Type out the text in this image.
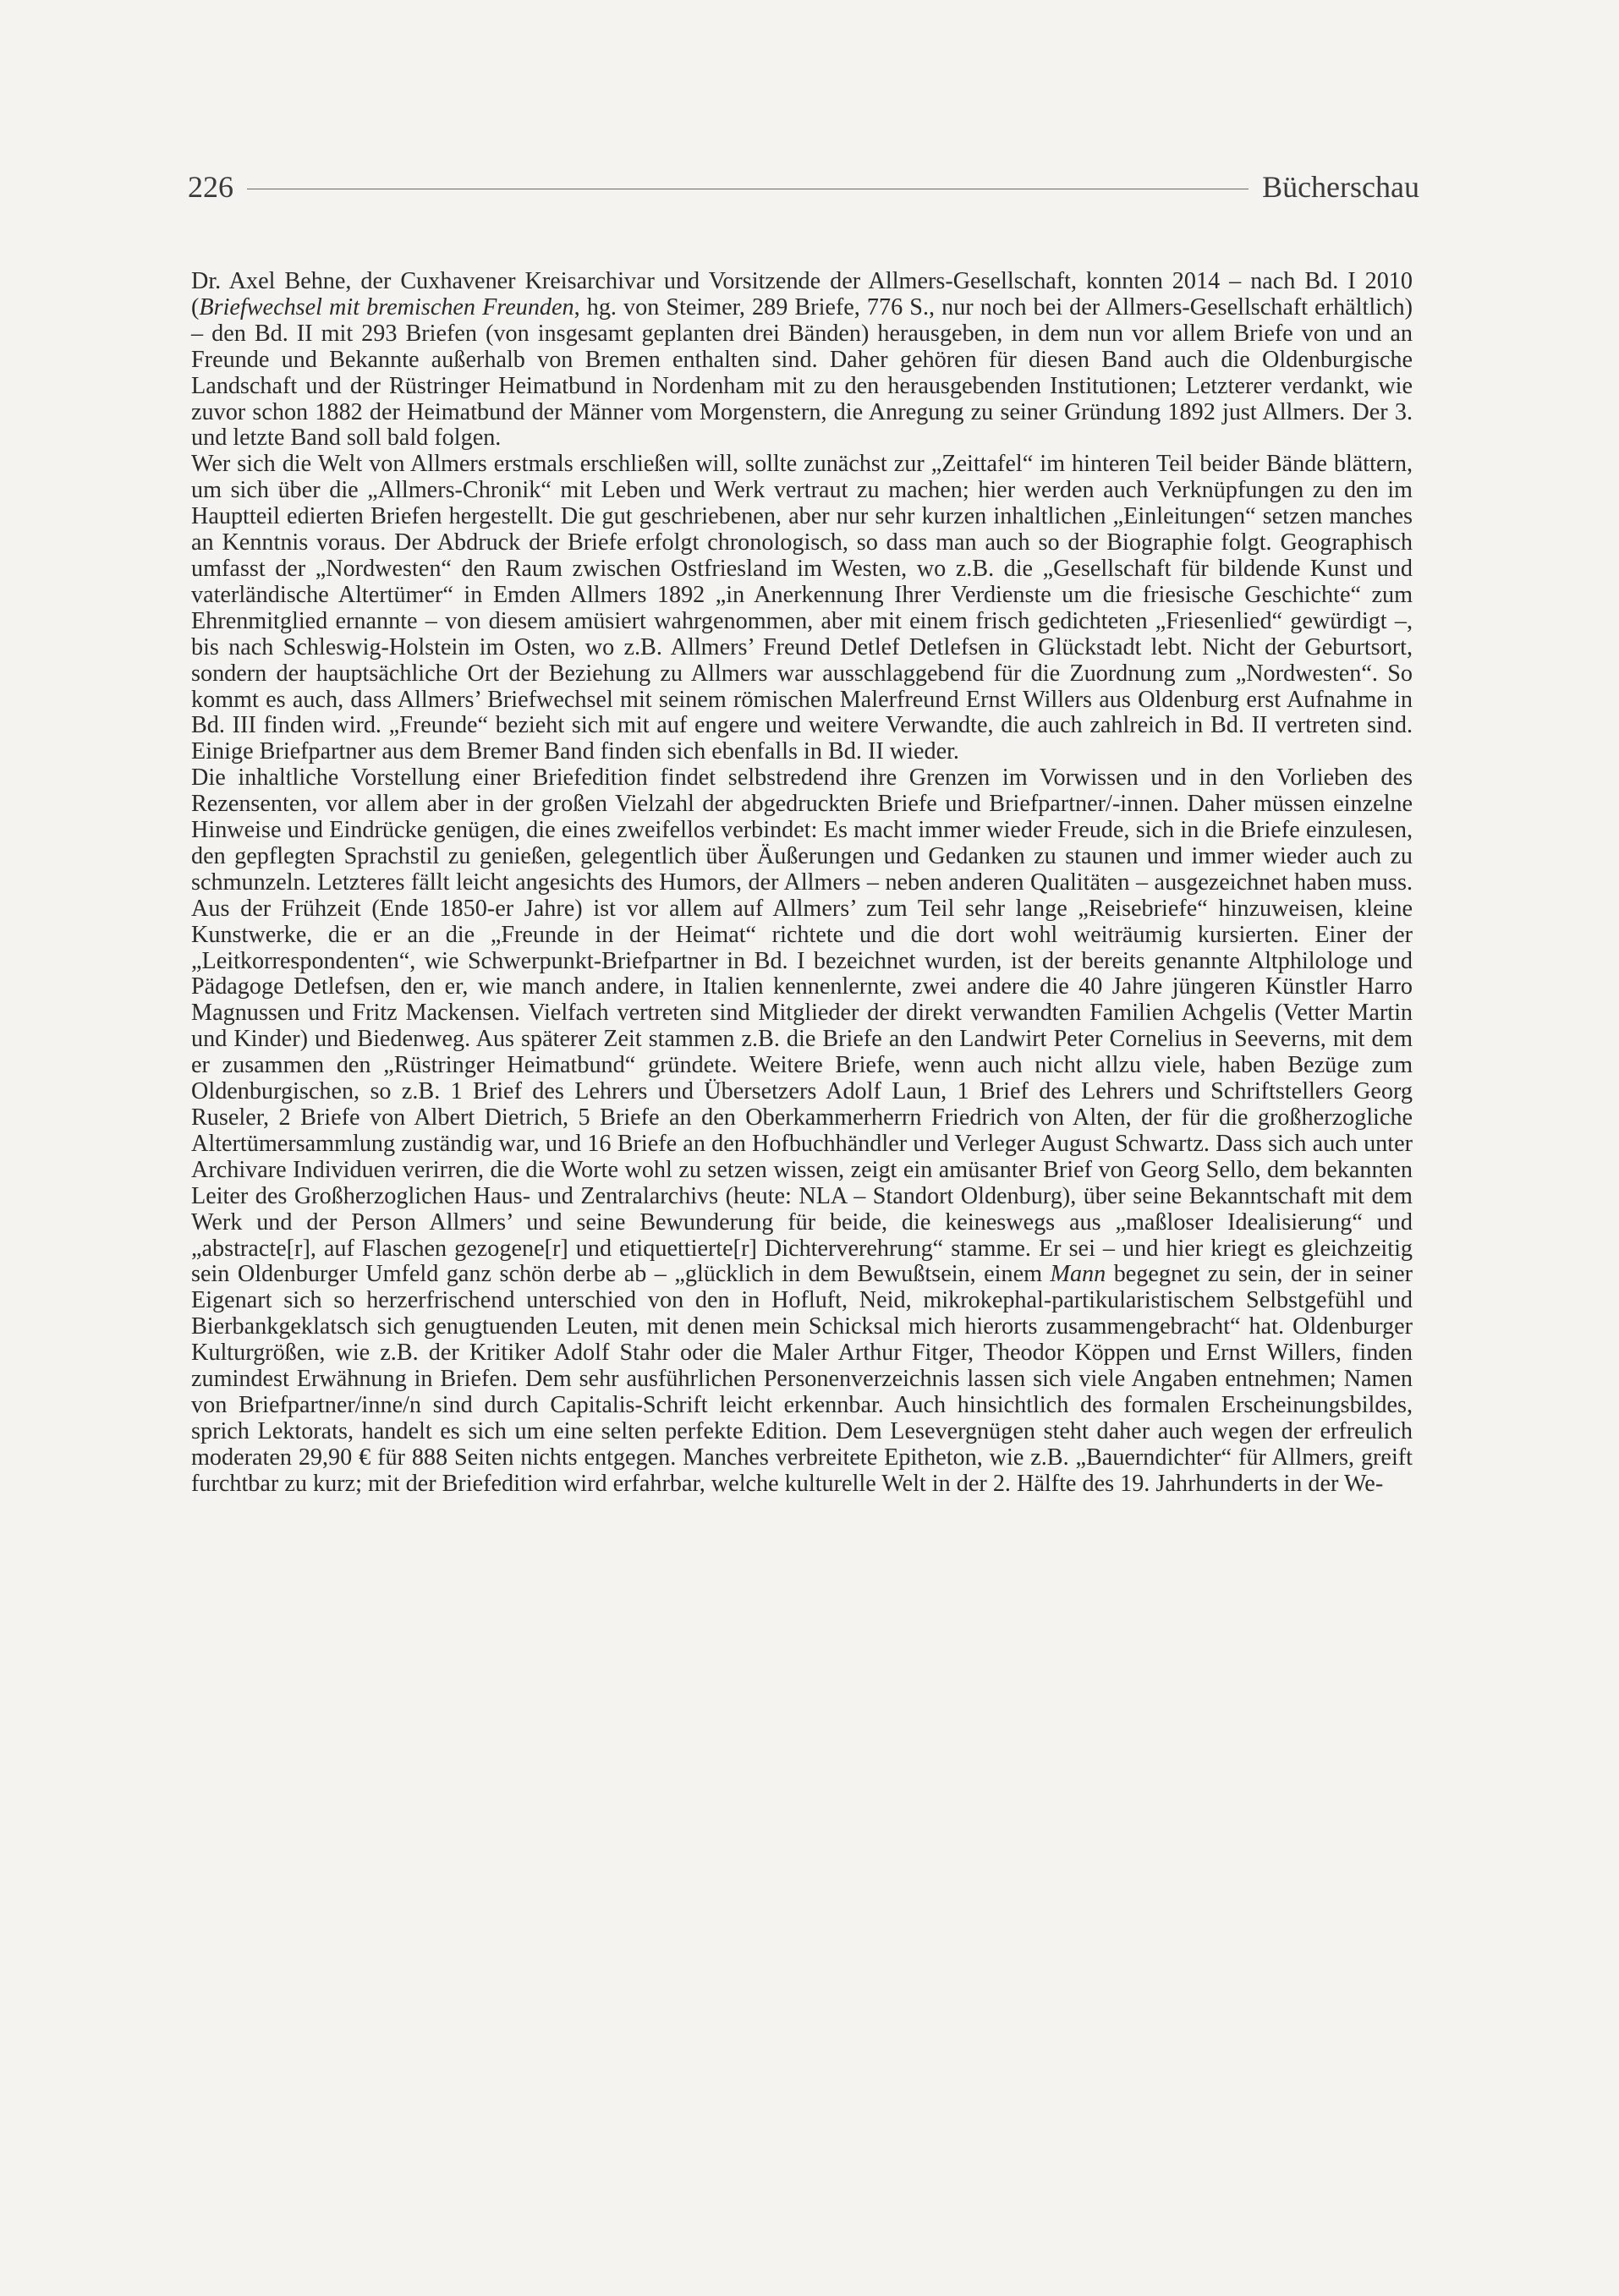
226	Bücherschau

Dr. Axel Behne, der Cuxhavener Kreisarchivar und Vorsitzende der Allmers-Gesellschaft, konnten 2014 – nach Bd. I 2010 (Briefwechsel mit bremischen Freunden, hg. von Steimer, 289 Briefe, 776 S., nur noch bei der Allmers-Gesellschaft erhältlich) – den Bd. II mit 293 Briefen (von insgesamt geplanten drei Bänden) herausgeben, in dem nun vor allem Briefe von und an Freunde und Bekannte außerhalb von Bremen enthalten sind. Daher gehören für diesen Band auch die Oldenburgische Landschaft und der Rüstringer Heimatbund in Nordenham mit zu den herausgebenden Institutionen; Letzterer verdankt, wie zuvor schon 1882 der Heimatbund der Männer vom Morgenstern, die Anregung zu seiner Gründung 1892 just Allmers. Der 3. und letzte Band soll bald folgen.

Wer sich die Welt von Allmers erstmals erschließen will, sollte zunächst zur „Zeittafel“ im hinteren Teil beider Bände blättern, um sich über die „Allmers-Chronik“ mit Leben und Werk vertraut zu machen; hier werden auch Verknüpfungen zu den im Hauptteil edierten Briefen hergestellt. Die gut geschriebenen, aber nur sehr kurzen inhaltlichen „Einleitungen“ setzen manches an Kenntnis voraus. Der Abdruck der Briefe erfolgt chronologisch, so dass man auch so der Biographie folgt. Geographisch umfasst der „Nordwesten“ den Raum zwischen Ostfriesland im Westen, wo z.B. die „Gesellschaft für bildende Kunst und vaterländische Altertümer“ in Emden Allmers 1892 „in Anerkennung Ihrer Verdienste um die friesische Geschichte“ zum Ehrenmitglied ernannte – von diesem amüsiert wahrgenommen, aber mit einem frisch gedichteten „Friesenlied“ gewürdigt –, bis nach Schleswig-Holstein im Osten, wo z.B. Allmers’ Freund Detlef Detlefsen in Glückstadt lebt. Nicht der Geburtsort, sondern der hauptsächliche Ort der Beziehung zu Allmers war ausschlaggebend für die Zuordnung zum „Nordwesten“. So kommt es auch, dass Allmers’ Briefwechsel mit seinem römischen Malerfreund Ernst Willers aus Oldenburg erst Aufnahme in Bd. III finden wird. „Freunde“ bezieht sich mit auf engere und weitere Verwandte, die auch zahlreich in Bd. II vertreten sind. Einige Briefpartner aus dem Bremer Band finden sich ebenfalls in Bd. II wieder.

Die inhaltliche Vorstellung einer Briefedition findet selbstredend ihre Grenzen im Vorwissen und in den Vorlieben des Rezensenten, vor allem aber in der großen Vielzahl der abgedruckten Briefe und Briefpartner/-innen. Daher müssen einzelne Hinweise und Eindrücke genügen, die eines zweifellos verbindet: Es macht immer wieder Freude, sich in die Briefe einzulesen, den gepflegten Sprachstil zu genießen, gelegentlich über Äußerungen und Gedanken zu staunen und immer wieder auch zu schmunzeln. Letzteres fällt leicht angesichts des Humors, der Allmers – neben anderen Qualitäten – ausgezeichnet haben muss. Aus der Frühzeit (Ende 1850-er Jahre) ist vor allem auf Allmers’ zum Teil sehr lange „Reisebriefe“ hinzuweisen, kleine Kunstwerke, die er an die „Freunde in der Heimat“ richtete und die dort wohl weiträumig kursierten. Einer der „Leitkorrespondenten“, wie Schwerpunkt-Briefpartner in Bd. I bezeichnet wurden, ist der bereits genannte Altphilologe und Pädagoge Detlefsen, den er, wie manch andere, in Italien kennenlernte, zwei andere die 40 Jahre jüngeren Künstler Harro Magnussen und Fritz Mackensen. Vielfach vertreten sind Mitglieder der direkt verwandten Familien Achgelis (Vetter Martin und Kinder) und Biedenweg. Aus späterer Zeit stammen z.B. die Briefe an den Landwirt Peter Cornelius in Seeverns, mit dem er zusammen den „Rüstringer Heimatbund“ gründete. Weitere Briefe, wenn auch nicht allzu viele, haben Bezüge zum Oldenburgischen, so z.B. 1 Brief des Lehrers und Übersetzers Adolf Laun, 1 Brief des Lehrers und Schriftstellers Georg Ruseler, 2 Briefe von Albert Dietrich, 5 Briefe an den Oberkammerherrn Friedrich von Alten, der für die großherzogliche Altertümersammlung zuständig war, und 16 Briefe an den Hofbuchhändler und Verleger August Schwartz. Dass sich auch unter Archivare Individuen verirren, die die Worte wohl zu setzen wissen, zeigt ein amüsanter Brief von Georg Sello, dem bekannten Leiter des Großherzoglichen Haus- und Zentralarchivs (heute: NLA – Standort Oldenburg), über seine Bekanntschaft mit dem Werk und der Person Allmers’ und seine Bewunderung für beide, die keineswegs aus „maßloser Idealisierung“ und „abstracte[r], auf Flaschen gezogene[r] und etiquettierte[r] Dichterverehrung“ stamme. Er sei – und hier kriegt es gleichzeitig sein Oldenburger Umfeld ganz schön derbe ab – „glücklich in dem Bewußtsein, einem Mann begegnet zu sein, der in seiner Eigenart sich so herzerfrischend unterschied von den in Hofluft, Neid, mikrokephal-partikularistischem Selbstgefühl und Bierbankgeklatsch sich genugtuenden Leuten, mit denen mein Schicksal mich hierorts zusammengebracht“ hat. Oldenburger Kulturgrößen, wie z.B. der Kritiker Adolf Stahr oder die Maler Arthur Fitger, Theodor Köppen und Ernst Willers, finden zumindest Erwähnung in Briefen. Dem sehr ausführlichen Personenverzeichnis lassen sich viele Angaben entnehmen; Namen von Briefpartner/inne/n sind durch Capitalis-Schrift leicht erkennbar. Auch hinsichtlich des formalen Erscheinungsbildes, sprich Lektorats, handelt es sich um eine selten perfekte Edition. Dem Lesevergnügen steht daher auch wegen der erfreulich moderaten 29,90 € für 888 Seiten nichts entgegen. Manches verbreitete Epitheton, wie z.B. „Bauerndichter“ für Allmers, greift furchtbar zu kurz; mit der Briefedition wird erfahrbar, welche kulturelle Welt in der 2. Hälfte des 19. Jahrhunderts in der We-
